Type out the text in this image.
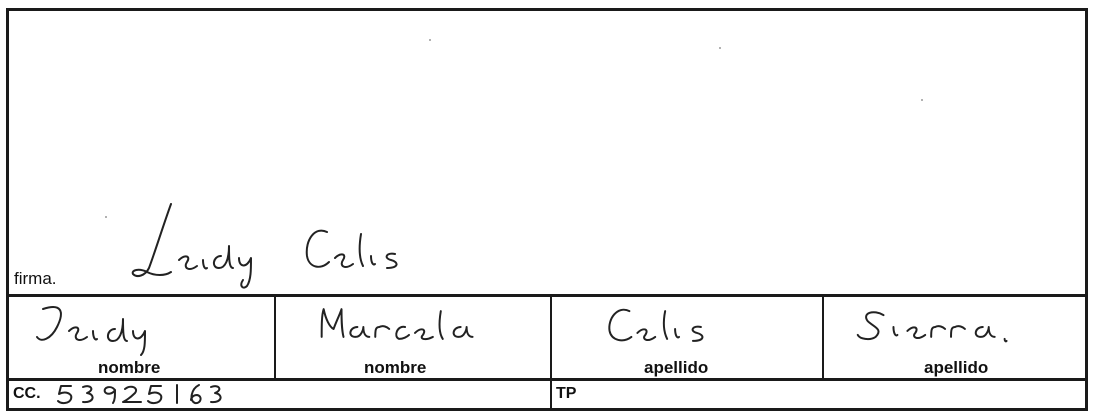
firma.
nombre	nombre	apellido	apellido
CC.	TP
